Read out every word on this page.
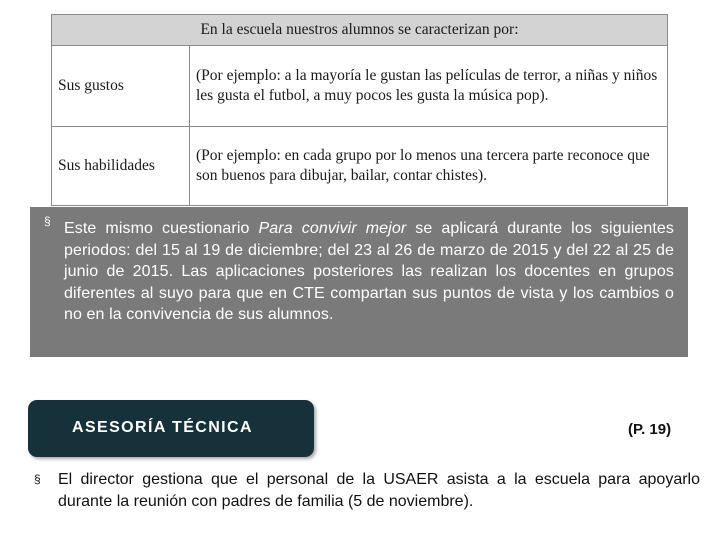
En la escuela nuestros alumnos se caracterizan por:	
Sus gustos	(Por ejemplo: a la mayoría le gustan las películas de terror, a niñas y niños les gusta el futbol, a muy pocos les gusta la música pop).
Sus habilidades	(Por ejemplo: en cada grupo por lo menos una tercera parte reconoce que son buenos para dibujar, bailar, contar chistes).
§ Este mismo cuestionario Para convivir mejor se aplicará durante los siguientes periodos: del 15 al 19 de diciembre; del 23 al 26 de marzo de 2015 y del 22 al 25 de junio de 2015. Las aplicaciones posteriores las realizan los docentes en grupos diferentes al suyo para que en CTE compartan sus puntos de vista y los cambios o no en la convivencia de sus alumnos.
ASESORÍA TÉCNICA	(P. 19)
§ El director gestiona que el personal de la USAER asista a la escuela para apoyarlo durante la reunión con padres de familia (5 de noviembre).
